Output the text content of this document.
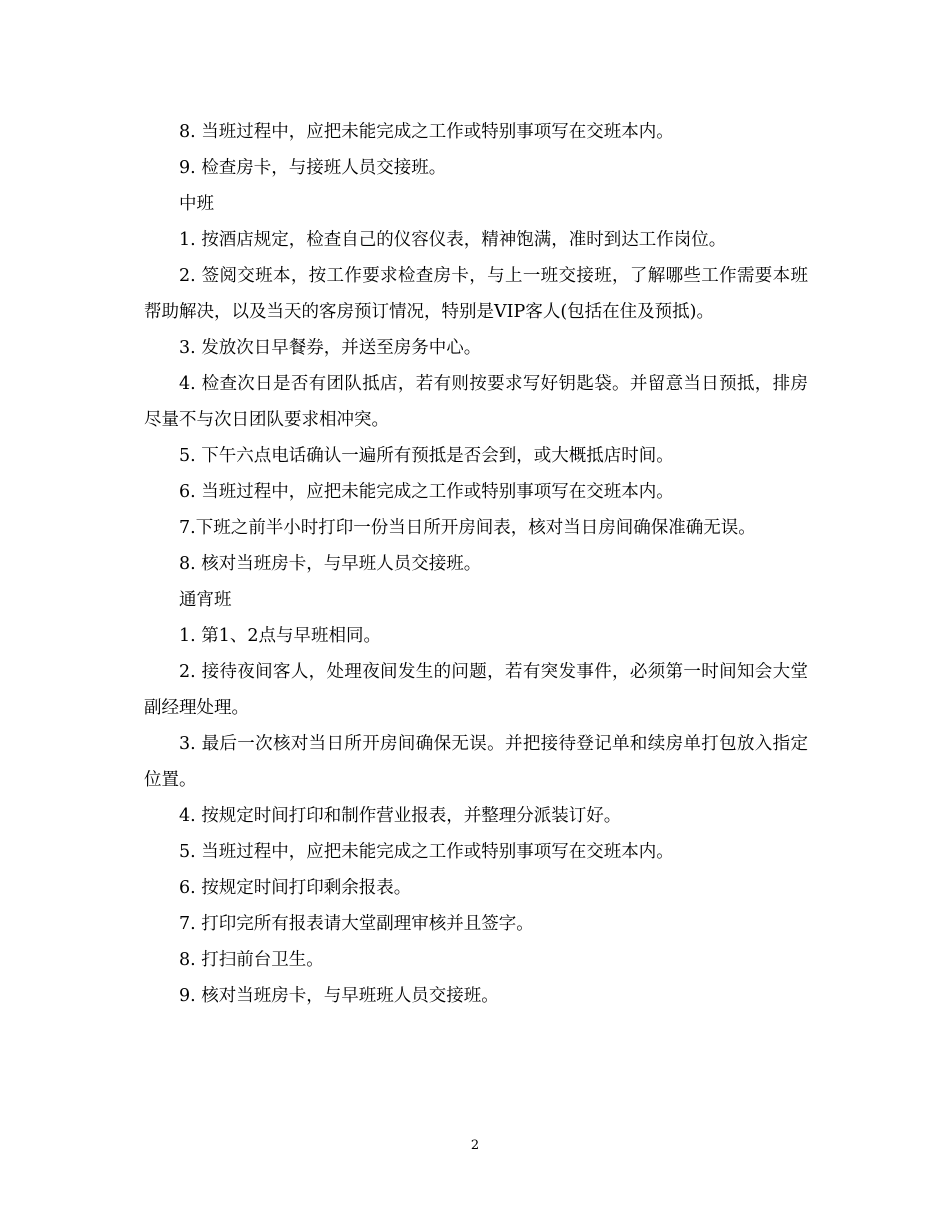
8. 当班过程中，应把未能完成之工作或特别事项写在交班本内。

9. 检查房卡，与接班人员交接班。

中班

1. 按酒店规定，检查自己的仪容仪表，精神饱满，准时到达工作岗位。

2. 签阅交班本，按工作要求检查房卡，与上一班交接班，了解哪些工作需要本班帮助解决，以及当天的客房预订情况，特别是VIP客人(包括在住及预抵)。

3. 发放次日早餐券，并送至房务中心。

4. 检查次日是否有团队抵店，若有则按要求写好钥匙袋。并留意当日预抵，排房尽量不与次日团队要求相冲突。

5. 下午六点电话确认一遍所有预抵是否会到，或大概抵店时间。

6. 当班过程中，应把未能完成之工作或特别事项写在交班本内。

7.下班之前半小时打印一份当日所开房间表，核对当日房间确保准确无误。

8. 核对当班房卡，与早班人员交接班。

通宵班

1. 第1、2点与早班相同。

2. 接待夜间客人，处理夜间发生的问题，若有突发事件，必须第一时间知会大堂副经理处理。

3. 最后一次核对当日所开房间确保无误。并把接待登记单和续房单打包放入指定位置。

4. 按规定时间打印和制作营业报表，并整理分派装订好。

5. 当班过程中，应把未能完成之工作或特别事项写在交班本内。

6. 按规定时间打印剩余报表。

7. 打印完所有报表请大堂副理审核并且签字。

8. 打扫前台卫生。

9. 核对当班房卡，与早班班人员交接班。

2
